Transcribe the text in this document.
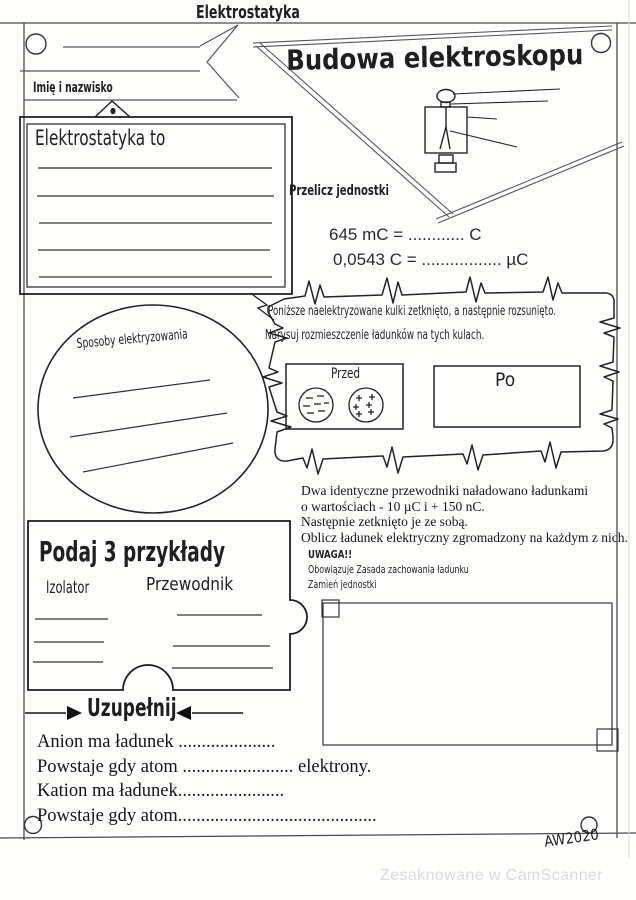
Elektrostatyka
Imię i nazwisko
Elektrostatyka to
Budowa elektroskopu
Przelicz jednostki
645 mC = ............ C
0,0543 C = ................. µC
Poniższe naelektryzowane kulki zetknięto, a następnie rozsunięto.
Narysuj rozmieszczenie ładunków na tych kulach.
Przed	Po
Sposoby elektryzowania
Dwa identyczne przewodniki naładowano ładunkami
o wartościach - 10 µC i + 150 nC.
Następnie zetknięto je ze sobą.
Oblicz ładunek elektryczny zgromadzony na każdym z nich.
UWAGA!!
Obowiązuje Zasada zachowania ładunku
Zamień jednostki
Podaj 3 przykłady
Izolator	Przewodnik
Uzupełnij
Anion ma ładunek .....................
Powstaje gdy atom ........................ elektrony.
Kation ma ładunek.......................
Powstaje gdy atom...........................................
AW2020
Zesaknowane w CamScanner
